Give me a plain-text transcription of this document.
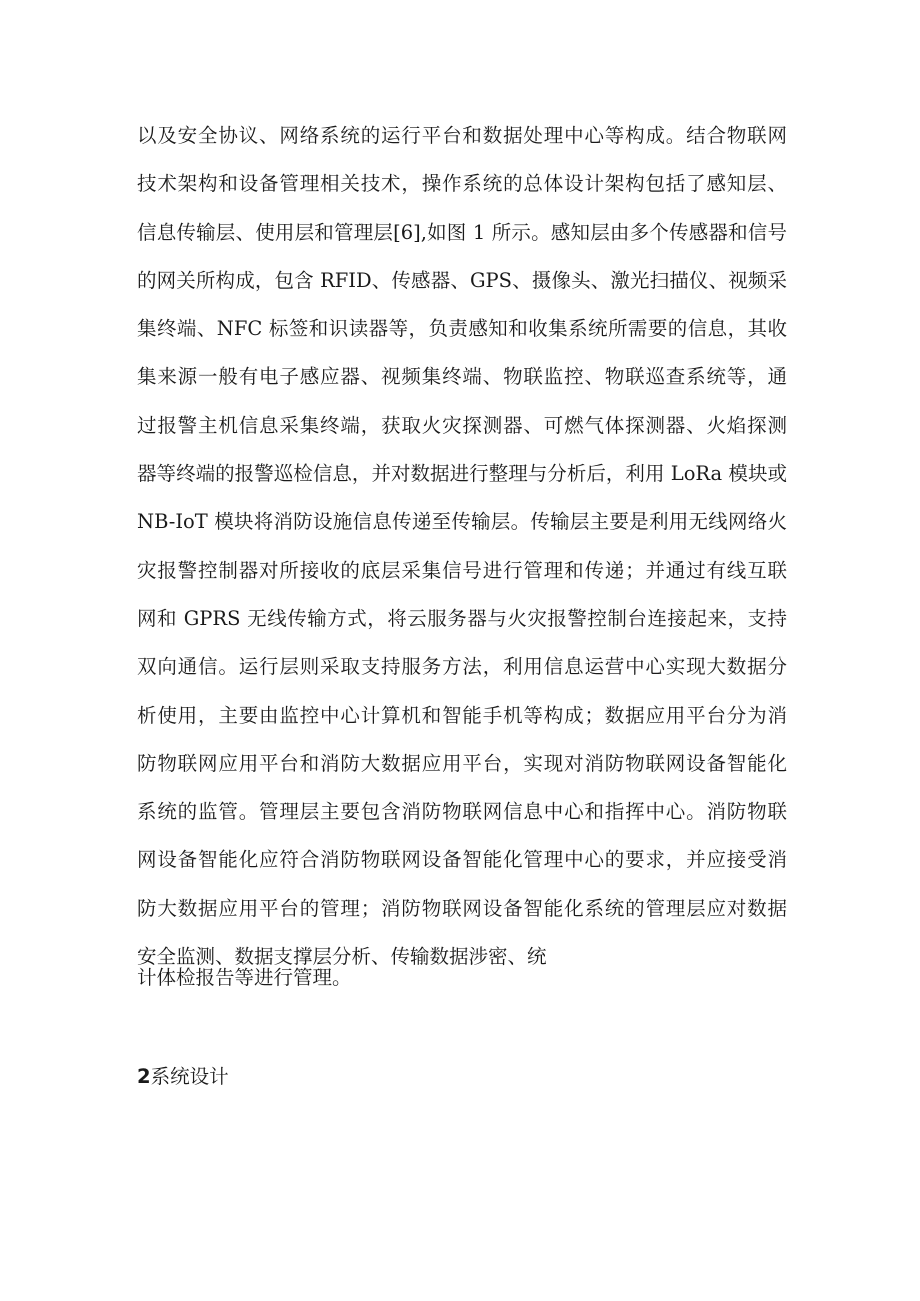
以及安全协议、网络系统的运行平台和数据处理中心等构成。结合物联网
技术架构和设备管理相关技术，操作系统的总体设计架构包括了感知层、
信息传输层、使用层和管理层[6],如图 1 所示。感知层由多个传感器和信号
的网关所构成，包含 RFID、传感器、GPS、摄像头、激光扫描仪、视频采
集终端、NFC 标签和识读器等，负责感知和收集系统所需要的信息，其收
集来源一般有电子感应器、视频集终端、物联监控、物联巡查系统等，通
过报警主机信息采集终端，获取火灾探测器、可燃气体探测器、火焰探测
器等终端的报警巡检信息，并对数据进行整理与分析后，利用 LoRa 模块或
NB-IoT 模块将消防设施信息传递至传输层。传输层主要是利用无线网络火
灾报警控制器对所接收的底层采集信号进行管理和传递；并通过有线互联
网和 GPRS 无线传输方式，将云服务器与火灾报警控制台连接起来，支持
双向通信。运行层则采取支持服务方法，利用信息运营中心实现大数据分
析使用，主要由监控中心计算机和智能手机等构成；数据应用平台分为消
防物联网应用平台和消防大数据应用平台，实现对消防物联网设备智能化
系统的监管。管理层主要包含消防物联网信息中心和指挥中心。消防物联
网设备智能化应符合消防物联网设备智能化管理中心的要求，并应接受消
防大数据应用平台的管理；消防物联网设备智能化系统的管理层应对数据
安全监测、数据支撑层分析、传输数据涉密、统
计体检报告等进行管理。
2系统设计
